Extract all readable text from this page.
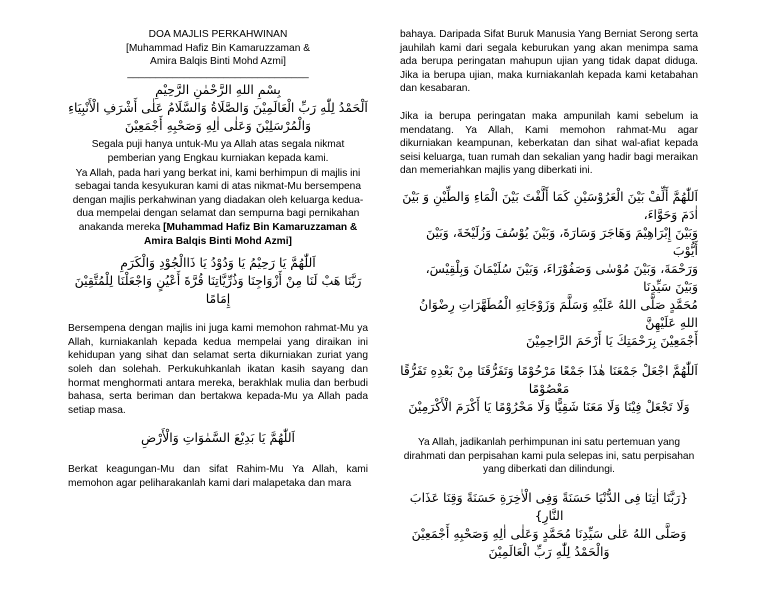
DOA MAJLIS PERKAHWINAN

[Muhammad Hafiz Bin Kamaruzzaman &

Amira Balqis Binti Mohd Azmi]

________________________________

بِسْمِ اللهِ الرَّحْمٰنِ الرَّحِيْمِ

اَلْحَمْدُ لِلّٰهِ رَبِّ الْعَالَمِيْنَ وَالصَّلَاةُ وَالسَّلَامُ عَلٰى أَشْرَفِ الْأَنْبِيَاءِ

وَالْمُرْسَلِيْنَ وَعَلٰى اٰلِهِ وَصَحْبِهِ أَجْمَعِيْنَ

Segala puji hanya untuk-Mu ya Allah atas segala nikmat pemberian yang Engkau kurniakan kepada kami.

Ya Allah, pada hari yang berkat ini, kami berhimpun di majlis ini sebagai tanda kesyukuran kami di atas nikmat-Mu bersempena dengan majlis perkahwinan yang diadakan oleh keluarga kedua-dua mempelai dengan selamat dan sempurna bagi pernikahan anakanda mereka [Muhammad Hafiz Bin Kamaruzzaman & Amira Balqis Binti Mohd Azmi]

اَللّٰهُمَّ يَا رَحِيْمُ يَا وَدُوْدُ يَا ذَاالْجُوْدِ وَالْكَرَمِ

رَبَّنَا هَبْ لَنَا مِنْ أَزْوَاجِنَا وَذُرِّيَّاتِنَا قُرَّةَ أَعْيُنٍ وَاجْعَلْنَا لِلْمُتَّقِيْنَ إِمَامًا

Bersempena dengan majlis ini juga kami memohon rahmat-Mu ya Allah, kurniakanlah kepada kedua mempelai yang diraikan ini kehidupan yang sihat dan selamat serta dikurniakan zuriat yang soleh dan solehah. Perkukuhkanlah ikatan kasih sayang dan hormat menghormati antara mereka, berakhlak mulia dan berbudi bahasa, serta beriman dan bertakwa kepada-Mu ya Allah pada setiap masa.

اَللّٰهُمَّ يَا بَدِيْعَ السَّمٰوَاتِ وَالْأَرْضِ

Berkat keagungan-Mu dan sifat Rahim-Mu Ya Allah, kami memohon agar peliharakanlah kami dari malapetaka dan mara

bahaya. Daripada Sifat Buruk Manusia Yang Berniat Serong serta jauhilah kami dari segala keburukan yang akan menimpa sama ada berupa peringatan mahupun ujian yang tidak dapat diduga. Jika ia berupa ujian, maka kurniakanlah kepada kami ketabahan dan kesabaran.

Jika ia berupa peringatan maka ampunilah kami sebelum ia mendatang. Ya Allah, Kami memohon rahmat-Mu agar dikurniakan keampunan, keberkatan dan sihat wal-afiat kepada seisi keluarga, tuan rumah dan sekalian yang hadir bagi meraikan dan memeriahkan majlis yang diberkati ini.

اَللّٰهُمَّ أَلِّفْ بَيْنَ الْعَرُوْسَيْنِ كَمَا أَلَّفْتَ بَيْنَ الْمَاءِ وَالطِّيْنِ وَ بَيْنَ اٰدَمَ وَحَوَّاءَ،

وَبَيْنَ إِبْرَاهِيْمَ وَهَاجَرَ وَسَارَةَ، وَبَيْنَ يُوْسُفَ وَزُلَيْخَةَ، وَبَيْنَ أَيُّوْبَ

وَرَحْمَةَ، وَبَيْنَ مُوْسٰى وَصَفُوْرَاءَ، وَبَيْنَ سُلَيْمَانَ وَبِلْقِيْسَ، وَبَيْنَ سَيِّدِنَا

مُحَمَّدٍ صَلَّى اللهُ عَلَيْهِ وَسَلَّمَ وَزَوْجَاتِهِ الْمُطَهَّرَاتِ رِضْوَانُ اللهِ عَلَيْهِنَّ

أَجْمَعِيْنَ بِرَحْمَتِكَ يَا أَرْحَمَ الرَّاحِمِيْنَ

اَللّٰهُمَّ اجْعَلْ جَمْعَنَا هٰذَا جَمْعًا مَرْحُوْمًا وَتَفَرُّقَنَا مِنْ بَعْدِهِ تَفَرُّقًا مَعْصُوْمًا

وَلَا تَجْعَلْ فِيْنَا وَلَا مَعَنَا شَقِيًّا وَلَا مَحْرُوْمًا يَا أَكْرَمَ الْأَكْرَمِيْنَ

Ya Allah, jadikanlah perhimpunan ini satu pertemuan yang dirahmati dan perpisahan kami pula selepas ini, satu perpisahan yang diberkati dan dilindungi.

{رَبَّنَا اٰتِنَا فِى الدُّنْيَا حَسَنَةً وَفِى الْاٰخِرَةِ حَسَنَةً وَقِنَا عَذَابَ النَّارِ}

وَصَلَّى اللهُ عَلٰى سَيِّدِنَا مُحَمَّدٍ وَعَلٰى اٰلِهِ وَصَحْبِهِ أَجْمَعِيْنَ

وَالْحَمْدُ لِلّٰهِ رَبِّ الْعَالَمِيْنَ
